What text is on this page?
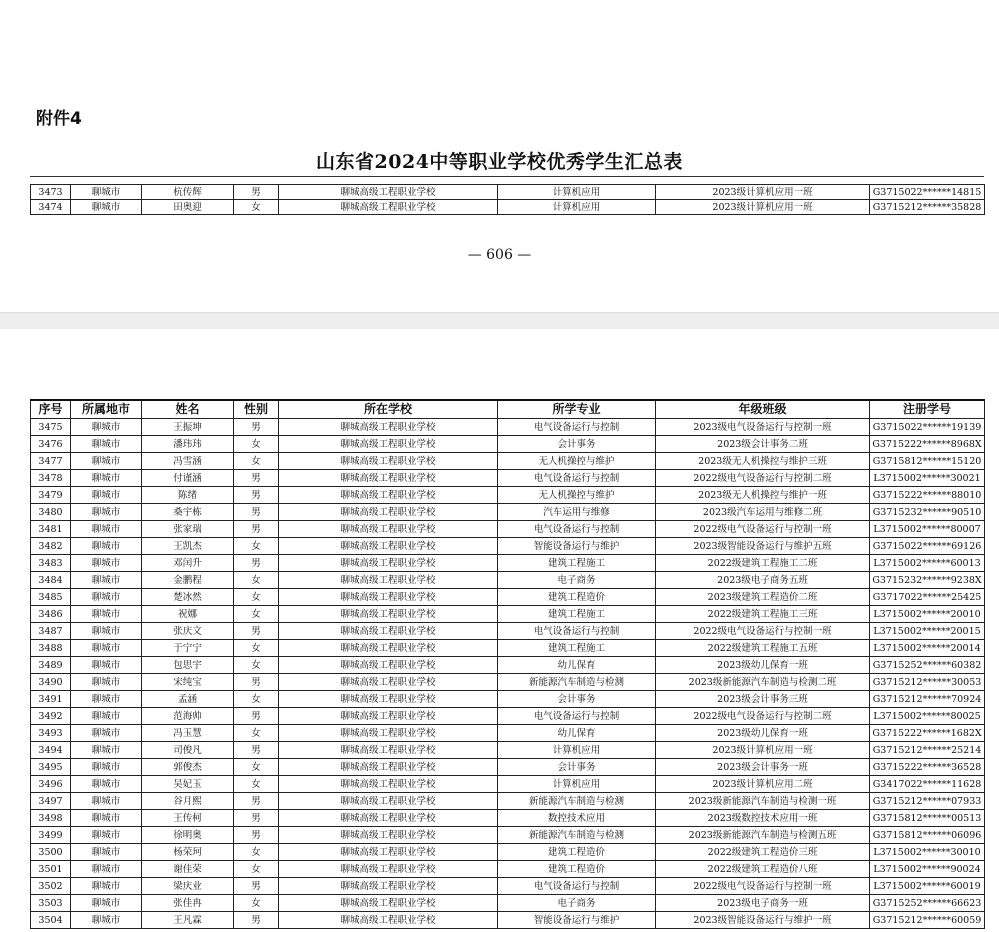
附件4
山东省2024中等职业学校优秀学生汇总表
3473	聊城市	杭传辉	男	聊城高级工程职业学校	计算机应用	2023级计算机应用一班	G3715022******14815
3474	聊城市	田奥迎	女	聊城高级工程职业学校	计算机应用	2023级计算机应用一班	G3715212******35828
— 606 —
序号	所属地市	姓名	性别	所在学校	所学专业	年级班级	注册学号
3475	聊城市	王振坤	男	聊城高级工程职业学校	电气设备运行与控制	2023级电气设备运行与控制一班	G3715022******19139
3476	聊城市	潘玮玮	女	聊城高级工程职业学校	会计事务	2023级会计事务二班	G3715222******8968X
3477	聊城市	冯雪涵	女	聊城高级工程职业学校	无人机操控与维护	2023级无人机操控与维护三班	G3715812******15120
3478	聊城市	付谨涵	男	聊城高级工程职业学校	电气设备运行与控制	2022级电气设备运行与控制二班	L3715002******30021
3479	聊城市	陈绪	男	聊城高级工程职业学校	无人机操控与维护	2023级无人机操控与维护一班	G3715222******88010
3480	聊城市	桑宇栋	男	聊城高级工程职业学校	汽车运用与维修	2023级汽车运用与维修二班	G3715232******90510
3481	聊城市	张家瑞	男	聊城高级工程职业学校	电气设备运行与控制	2022级电气设备运行与控制一班	L3715002******80007
3482	聊城市	王凯杰	女	聊城高级工程职业学校	智能设备运行与维护	2023级智能设备运行与维护五班	G3715022******69126
3483	聊城市	邓闰升	男	聊城高级工程职业学校	建筑工程施工	2022级建筑工程施工二班	L3715002******60013
3484	聊城市	金鹏程	女	聊城高级工程职业学校	电子商务	2023级电子商务五班	G3715232******9238X
3485	聊城市	楚冰然	女	聊城高级工程职业学校	建筑工程造价	2023级建筑工程造价二班	G3717022******25425
3486	聊城市	祝娜	女	聊城高级工程职业学校	建筑工程施工	2022级建筑工程施工三班	L3715002******20010
3487	聊城市	张庆文	男	聊城高级工程职业学校	电气设备运行与控制	2022级电气设备运行与控制一班	L3715002******20015
3488	聊城市	于宁宁	女	聊城高级工程职业学校	建筑工程施工	2022级建筑工程施工五班	L3715002******20014
3489	聊城市	包思宇	女	聊城高级工程职业学校	幼儿保育	2023级幼儿保育一班	G3715252******60382
3490	聊城市	宋纯宝	男	聊城高级工程职业学校	新能源汽车制造与检测	2023级新能源汽车制造与检测二班	G3715212******30053
3491	聊城市	孟涵	女	聊城高级工程职业学校	会计事务	2023级会计事务三班	G3715212******70924
3492	聊城市	范海帅	男	聊城高级工程职业学校	电气设备运行与控制	2022级电气设备运行与控制二班	L3715002******80025
3493	聊城市	冯玉慧	女	聊城高级工程职业学校	幼儿保育	2023级幼儿保育一班	G3715222******1682X
3494	聊城市	司俊凡	男	聊城高级工程职业学校	计算机应用	2023级计算机应用一班	G3715212******25214
3495	聊城市	郭俊杰	女	聊城高级工程职业学校	会计事务	2023级会计事务一班	G3715222******36528
3496	聊城市	吴妃玉	女	聊城高级工程职业学校	计算机应用	2023级计算机应用二班	G3417022******11628
3497	聊城市	谷月熙	男	聊城高级工程职业学校	新能源汽车制造与检测	2023级新能源汽车制造与检测一班	G3715212******07933
3498	聊城市	王传柯	男	聊城高级工程职业学校	数控技术应用	2023级数控技术应用一班	G3715812******00513
3499	聊城市	徐明奥	男	聊城高级工程职业学校	新能源汽车制造与检测	2023级新能源汽车制造与检测五班	G3715812******06096
3500	聊城市	杨荣珂	女	聊城高级工程职业学校	建筑工程造价	2022级建筑工程造价三班	L3715002******30010
3501	聊城市	谢佳荣	女	聊城高级工程职业学校	建筑工程造价	2022级建筑工程造价八班	L3715002******90024
3502	聊城市	梁庆业	男	聊城高级工程职业学校	电气设备运行与控制	2022级电气设备运行与控制一班	L3715002******60019
3503	聊城市	张佳冉	女	聊城高级工程职业学校	电子商务	2023级电子商务一班	G3715252******66623
3504	聊城市	王凡霖	男	聊城高级工程职业学校	智能设备运行与维护	2023级智能设备运行与维护一班	G3715212******60059
